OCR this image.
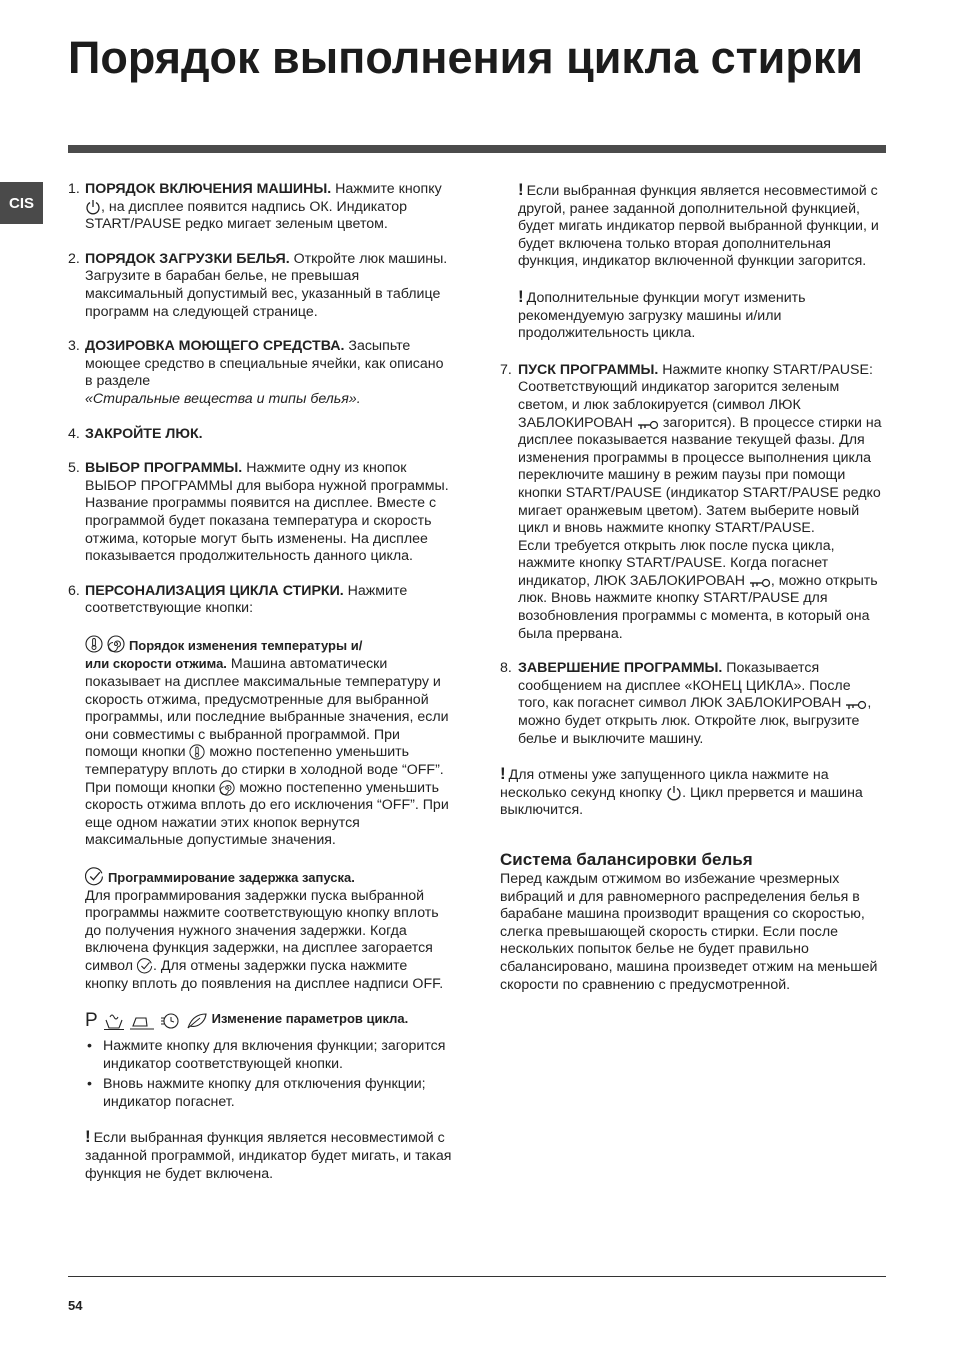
Порядок выполнения цикла стирки
CIS
1. ПОРЯДОК ВКЛЮЧЕНИЯ МАШИНЫ. Нажмите кнопку , на дисплее появится надпись ОК. Индикатор START/PAUSE редко мигает зеленым цветом.
2. ПОРЯДОК ЗАГРУЗКИ БЕЛЬЯ. Откройте люк машины. Загрузите в барабан белье, не превышая максимальный допустимый вес, указанный в таблице программ на следующей странице.
3. ДОЗИРОВКА МОЮЩЕГО СРЕДСТВА. Засыпьте моющее средство в специальные ячейки, как описано в разделе
«Стиральные вещества и типы белья».
4. ЗАКРОЙТЕ ЛЮК.
5. ВЫБОР ПРОГРАММЫ. Нажмите одну из кнопок ВЫБОР ПРОГРАММЫ для выбора нужной программы. Название программы появится на дисплее. Вместе с программой будет показана температура и скорость отжима, которые могут быть изменены. На дисплее показывается продолжительность данного цикла.
6. ПЕРСОНАЛИЗАЦИЯ ЦИКЛА СТИРКИ. Нажмите соответствующие кнопки:

Порядок изменения температуры и/
или скорости отжима. Машина автоматически показывает на дисплее максимальные температуру и скорость отжима, предусмотренные для выбранной программы, или последние выбранные значения, если они совместимы с выбранной программой. При помощи кнопки  можно постепенно уменьшить температуру вплоть до стирки в холодной воде “OFF”. При помощи кнопки  можно постепенно уменьшить скорость отжима вплоть до его исключения “OFF”. При еще одном нажатии этих кнопок вернутся максимальные допустимые значения.

Программирование задержка запуска.
Для программирования задержки пуска выбранной программы нажмите соответствующую кнопку вплоть до получения нужного значения задержки. Когда включена функция задержки, на дисплее загорается символ . Для отмены задержки пуска нажмите кнопку вплоть до появления на дисплее надписи OFF.

P	Изменение параметров цикла.

• Нажмите кнопку для включения функции; загорится индикатор соответствующей кнопки.
• Вновь нажмите кнопку для отключения функции; индикатор погаснет.
! Если выбранная функция является несовместимой с заданной программой, индикатор будет мигать, и такая функция не будет включена.
! Если выбранная функция является несовместимой с другой, ранее заданной дополнительной функцией, будет мигать индикатор первой выбранной функции, и будет включена только вторая дополнительная функция, индикатор включенной функции загорится.
! Дополнительные функции могут изменить рекомендуемую загрузку машины и/или продолжительность цикла.
7. ПУСК ПРОГРАММЫ. Нажмите кнопку START/PAUSE: Соответствующий индикатор загорится зеленым светом, и люк заблокируется (символ ЛЮК ЗАБЛОКИРОВАН  загорится). В процессе стирки на дисплее показывается название текущей фазы. Для изменения программы в процессе выполнения цикла переключите машину в режим паузы при помощи кнопки START/PAUSE (индикатор START/PAUSE редко мигает оранжевым цветом). Затем выберите новый цикл и вновь нажмите кнопку START/PAUSE.
Если требуется открыть люк после пуска цикла, нажмите кнопку START/PAUSE. Когда погаснет индикатор, ЛЮК ЗАБЛОКИРОВАН , можно открыть люк. Вновь нажмите кнопку START/PAUSE для возобновления программы с момента, в который она была прервана.
8. ЗАВЕРШЕНИЕ ПРОГРАММЫ. Показывается сообщением на дисплее «КОНЕЦ ЦИКЛА». После того, как погаснет символ ЛЮК ЗАБЛОКИРОВАН , можно будет открыть люк. Откройте люк, выгрузите белье и выключите машину.
! Для отмены уже запущенного цикла нажмите на несколько секунд кнопку . Цикл прервется и машина выключится.
Система балансировки белья
Перед каждым отжимом во избежание чрезмерных вибраций и для равномерного распределения белья в барабане машина производит вращения со скоростью, слегка превышающей скорость стирки. Если после нескольких попыток белье не будет правильно сбалансировано, машина произведет отжим на меньшей скорости по сравнению с предусмотренной.
54
